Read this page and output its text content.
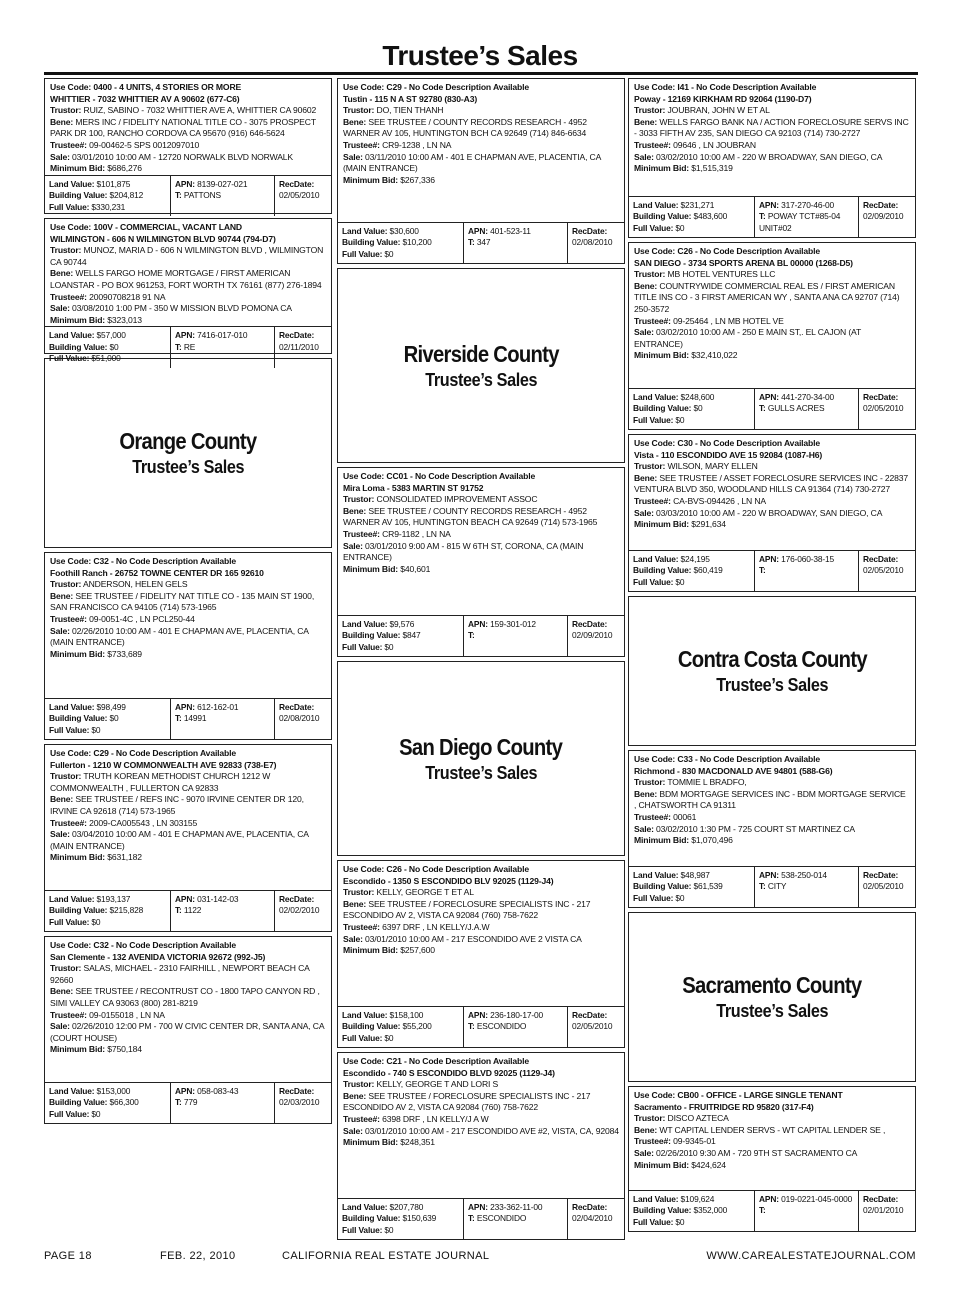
Trustee’s Sales
Use Code: 0400 - 4 UNITS, 4 STORIES OR MORE
WHITTIER - 7032 WHITTIER AV A 90602 (677-C6)
Trustor: RUIZ, SABINO - 7032 WHITTIER AVE A, WHITTIER CA 90602
Bene: MERS INC / FIDELITY NATIONAL TITLE CO - 3075 PROSPECT PARK DR 100, RANCHO CORDOVA CA 95670 (916) 646-5624
Trustee#: 09-00462-5 SPS 0012097010
Sale: 03/01/2010 10:00 AM - 12720 NORWALK BLVD NORWALK
Minimum Bid: $686,276
Land Value: $101,875
Building Value: $204,812
Full Value: $330,231
APN: 8139-027-021
T: PATTONS
RecDate:
02/05/2010
Use Code: 100V - COMMERCIAL, VACANT LAND
WILMINGTON - 606 N WILMINGTON BLVD 90744 (794-D7)
Trustor: MUNOZ, MARIA D - 606 N WILMINGTON BLVD , WILMINGTON CA 90744
Bene: WELLS FARGO HOME MORTGAGE / FIRST AMERICAN LOANSTAR - PO BOX 961253, FORT WORTH TX 76161 (877) 276-1894
Trustee#: 20090708218 91 NA
Sale: 03/08/2010 1:00 PM - 350 W MISSION BLVD POMONA CA
Minimum Bid: $323,013
Land Value: $57,000
Building Value: $0
Full Value: $51,000
APN: 7416-017-010
T: RE
RecDate:
02/11/2010
Orange County
Trustee’s Sales
Use Code: C32 - No Code Description Available
Foothill Ranch - 26752 TOWNE CENTER DR 165 92610
Trustor: ANDERSON, HELEN GELS
Bene: SEE TRUSTEE / FIDELITY NAT TITLE CO - 135 MAIN ST 1900, SAN FRANCISCO CA 94105 (714) 573-1965
Trustee#: 09-0051-4C , LN PCL250-44
Sale: 02/26/2010 10:00 AM - 401 E CHAPMAN AVE, PLACENTIA, CA (MAIN ENTRANCE)
Minimum Bid: $733,689
Land Value: $98,499
Building Value: $0
Full Value: $0
APN: 612-162-01
T: 14991
RecDate:
02/08/2010
Use Code: C29 - No Code Description Available
Fullerton - 1210 W COMMONWEALTH AVE 92833 (738-E7)
Trustor: TRUTH KOREAN METHODIST CHURCH 1212 W COMMONWEALTH , FULLERTON CA 92833
Bene: SEE TRUSTEE / REFS INC - 9070 IRVINE CENTER DR 120, IRVINE CA 92618 (714) 573-1965
Trustee#: 2009-CA005543 , LN 303155
Sale: 03/04/2010 10:00 AM - 401 E CHAPMAN AVE, PLACENTIA, CA (MAIN ENTRANCE)
Minimum Bid: $631,182
Land Value: $193,137
Building Value: $215,828
Full Value: $0
APN: 031-142-03
T: 1122
RecDate:
02/02/2010
Use Code: C32 - No Code Description Available
San Clemente - 132 AVENIDA VICTORIA 92672 (992-J5)
Trustor: SALAS, MICHAEL - 2310 FAIRHILL , NEWPORT BEACH CA 92660
Bene: SEE TRUSTEE / RECONTRUST CO - 1800 TAPO CANYON RD , SIMI VALLEY CA 93063 (800) 281-8219
Trustee#: 09-0155018 , LN NA
Sale: 02/26/2010 12:00 PM - 700 W CIVIC CENTER DR, SANTA ANA, CA (COURT HOUSE)
Minimum Bid: $750,184
Land Value: $153,000
Building Value: $66,300
Full Value: $0
APN: 058-083-43
T: 779
RecDate:
02/03/2010
Use Code: C29 - No Code Description Available
Tustin - 115 N A ST 92780 (830-A3)
Trustor: DO, TIEN THANH
Bene: SEE TRUSTEE / COUNTY RECORDS RESEARCH - 4952 WARNER AV 105, HUNTINGTON BCH CA 92649 (714) 846-6634
Trustee#: CR9-1238 , LN NA
Sale: 03/11/2010 10:00 AM - 401 E CHAPMAN AVE, PLACENTIA, CA (MAIN ENTRANCE)
Minimum Bid: $267,336
Land Value: $30,600
Building Value: $10,200
Full Value: $0
APN: 401-523-11
T: 347
RecDate:
02/08/2010
Riverside County
Trustee’s Sales
Use Code: CC01 - No Code Description Available
Mira Loma - 5383 MARTIN ST 91752
Trustor: CONSOLIDATED IMPROVEMENT ASSOC
Bene: SEE TRUSTEE / COUNTY RECORDS RESEARCH - 4952 WARNER AV 105, HUNTINGTON BEACH CA 92649 (714) 573-1965
Trustee#: CR9-1182 , LN NA
Sale: 03/01/2010 9:00 AM - 815 W 6TH ST, CORONA, CA (MAIN ENTRANCE)
Minimum Bid: $40,601
Land Value: $9,576
Building Value: $847
Full Value: $0
APN: 159-301-012
T:
RecDate:
02/09/2010
San Diego County
Trustee’s Sales
Use Code: C26 - No Code Description Available
Escondido - 1350 S ESCONDIDO BLV 92025 (1129-J4)
Trustor: KELLY, GEORGE T ET AL
Bene: SEE TRUSTEE / FORECLOSURE SPECIALISTS INC - 217 ESCONDIDO AV 2, VISTA CA 92084 (760) 758-7622
Trustee#: 6397 DRF , LN KELLY/J.A.W
Sale: 03/01/2010 10:00 AM - 217 ESCONDIDO AVE 2 VISTA CA
Minimum Bid: $257,600
Land Value: $158,100
Building Value: $55,200
Full Value: $0
APN: 236-180-17-00
T: ESCONDIDO
RecDate:
02/05/2010
Use Code: C21 - No Code Description Available
Escondido - 740 S ESCONDIDO BLVD 92025 (1129-J4)
Trustor: KELLY, GEORGE T AND LORI S
Bene: SEE TRUSTEE / FORECLOSURE SPECIALISTS INC - 217 ESCONDIDO AV 2, VISTA CA 92084 (760) 758-7622
Trustee#: 6398 DRF , LN KELLY/J A W
Sale: 03/01/2010 10:00 AM - 217 ESCONDIDO AVE #2, VISTA, CA, 92084
Minimum Bid: $248,351
Land Value: $207,780
Building Value: $150,639
Full Value: $0
APN: 233-362-11-00
T: ESCONDIDO
RecDate:
02/04/2010
Use Code: I41 - No Code Description Available
Poway - 12169 KIRKHAM RD 92064 (1190-D7)
Trustor: JOUBRAN, JOHN W ET AL
Bene: WELLS FARGO BANK NA / ACTION FORECLOSURE SERVS INC - 3033 FIFTH AV 235, SAN DIEGO CA 92103 (714) 730-2727
Trustee#: 09646 , LN JOUBRAN
Sale: 03/02/2010 10:00 AM - 220 W BROADWAY, SAN DIEGO, CA
Minimum Bid: $1,515,319
Land Value: $231,271
Building Value: $483,600
Full Value: $0
APN: 317-270-46-00
T: POWAY TCT#85-04 UNIT#02
RecDate:
02/09/2010
Use Code: C26 - No Code Description Available
SAN DIEGO - 3734 SPORTS ARENA BL 00000 (1268-D5)
Trustor: MB HOTEL VENTURES LLC
Bene: COUNTRYWIDE COMMERCIAL REAL ES / FIRST AMERICAN TITLE INS CO - 3 FIRST AMERICAN WY , SANTA ANA CA 92707 (714) 250-3572
Trustee#: 09-25464 , LN MB HOTEL VE
Sale: 03/02/2010 10:00 AM - 250 E MAIN ST,. EL CAJON (AT ENTRANCE)
Minimum Bid: $32,410,022
Land Value: $248,600
Building Value: $0
Full Value: $0
APN: 441-270-34-00
T: GULLS ACRES
RecDate:
02/05/2010
Use Code: C30 - No Code Description Available
Vista - 110 ESCONDIDO AVE 15 92084 (1087-H6)
Trustor: WILSON, MARY ELLEN
Bene: SEE TRUSTEE / ASSET FORECLOSURE SERVICES INC - 22837 VENTURA BLVD 350, WOODLAND HILLS CA 91364 (714) 730-2727
Trustee#: CA-BVS-094426 , LN NA
Sale: 03/03/2010 10:00 AM - 220 W BROADWAY, SAN DIEGO, CA
Minimum Bid: $291,634
Land Value: $24,195
Building Value: $60,419
Full Value: $0
APN: 176-060-38-15
T:
RecDate:
02/05/2010
Contra Costa County
Trustee’s Sales
Use Code: C33 - No Code Description Available
Richmond - 830 MACDONALD AVE 94801 (588-G6)
Trustor: TOMMIE L BRADFO,
Bene: BDM MORTGAGE SERVICES INC - BDM MORTGAGE SERVICE , CHATSWORTH CA 91311
Trustee#: 00061
Sale: 03/02/2010 1:30 PM - 725 COURT ST MARTINEZ CA
Minimum Bid: $1,070,496
Land Value: $48,987
Building Value: $61,539
Full Value: $0
APN: 538-250-014
T: CITY
RecDate:
02/05/2010
Sacramento County
Trustee’s Sales
Use Code: CB00 - OFFICE - LARGE SINGLE TENANT
Sacramento - FRUITRIDGE RD 95820 (317-F4)
Trustor: DISCO AZTECA
Bene: WT CAPITAL LENDER SERVS - WT CAPITAL LENDER SE ,
Trustee#: 09-9345-01
Sale: 02/26/2010 9:30 AM - 720 9TH ST SACRAMENTO CA
Minimum Bid: $424,624
Land Value: $109,624
Building Value: $352,000
Full Value: $0
APN: 019-0221-045-0000
T:
RecDate:
02/01/2010
PAGE 18	FEB. 22, 2010	CALIFORNIA REAL ESTATE JOURNAL	WWW.CAREALESTATEJOURNAL.COM
